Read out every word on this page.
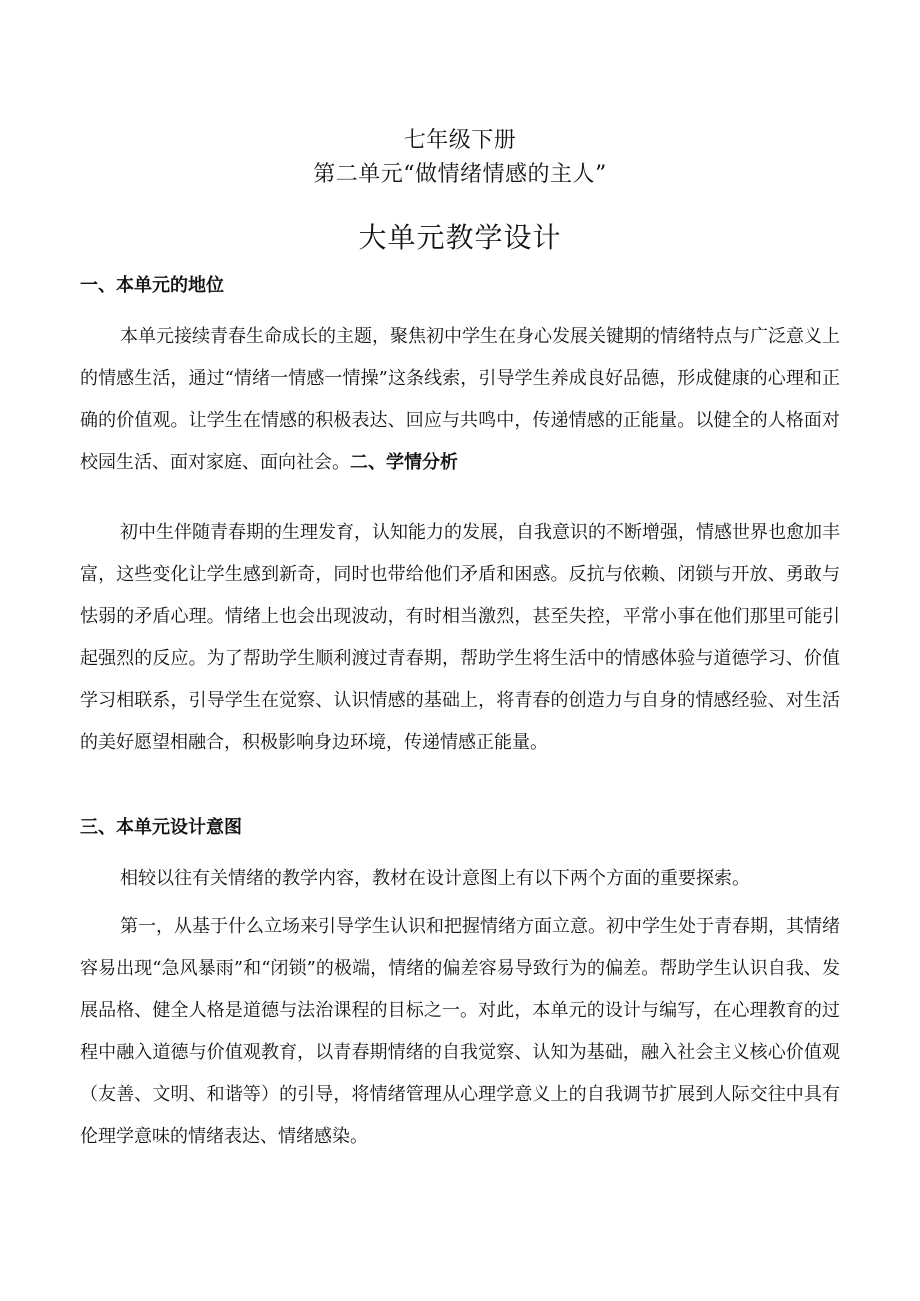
七年级下册
第二单元“做情绪情感的主人”
大单元教学设计
一、本单元的地位

本单元接续青春生命成长的主题，聚焦初中学生在身心发展关键期的情绪特点与广泛意义上的情感生活，通过“情绪一情感一情操”这条线索，引导学生养成良好品德，形成健康的心理和正确的价值观。让学生在情感的积极表达、回应与共鸣中，传递情感的正能量。以健全的人格面对校园生活、面对家庭、面向社会。二、学情分析

初中生伴随青春期的生理发育，认知能力的发展，自我意识的不断增强，情感世界也愈加丰富，这些变化让学生感到新奇，同时也带给他们矛盾和困惑。反抗与依赖、闭锁与开放、勇敢与怯弱的矛盾心理。情绪上也会出现波动，有时相当激烈，甚至失控，平常小事在他们那里可能引起强烈的反应。为了帮助学生顺利渡过青春期，帮助学生将生活中的情感体验与道德学习、价值学习相联系，引导学生在觉察、认识情感的基础上，将青春的创造力与自身的情感经验、对生活的美好愿望相融合，积极影响身边环境，传递情感正能量。

三、本单元设计意图

相较以往有关情绪的教学内容，教材在设计意图上有以下两个方面的重要探索。

第一，从基于什么立场来引导学生认识和把握情绪方面立意。初中学生处于青春期，其情绪容易出现“急风暴雨”和“闭锁”的极端，情绪的偏差容易导致行为的偏差。帮助学生认识自我、发展品格、健全人格是道德与法治课程的目标之一。对此，本单元的设计与编写，在心理教育的过程中融入道德与价值观教育，以青春期情绪的自我觉察、认知为基础，融入社会主义核心价值观（友善、文明、和谐等）的引导，将情绪管理从心理学意义上的自我调节扩展到人际交往中具有伦理学意味的情绪表达、情绪感染。
